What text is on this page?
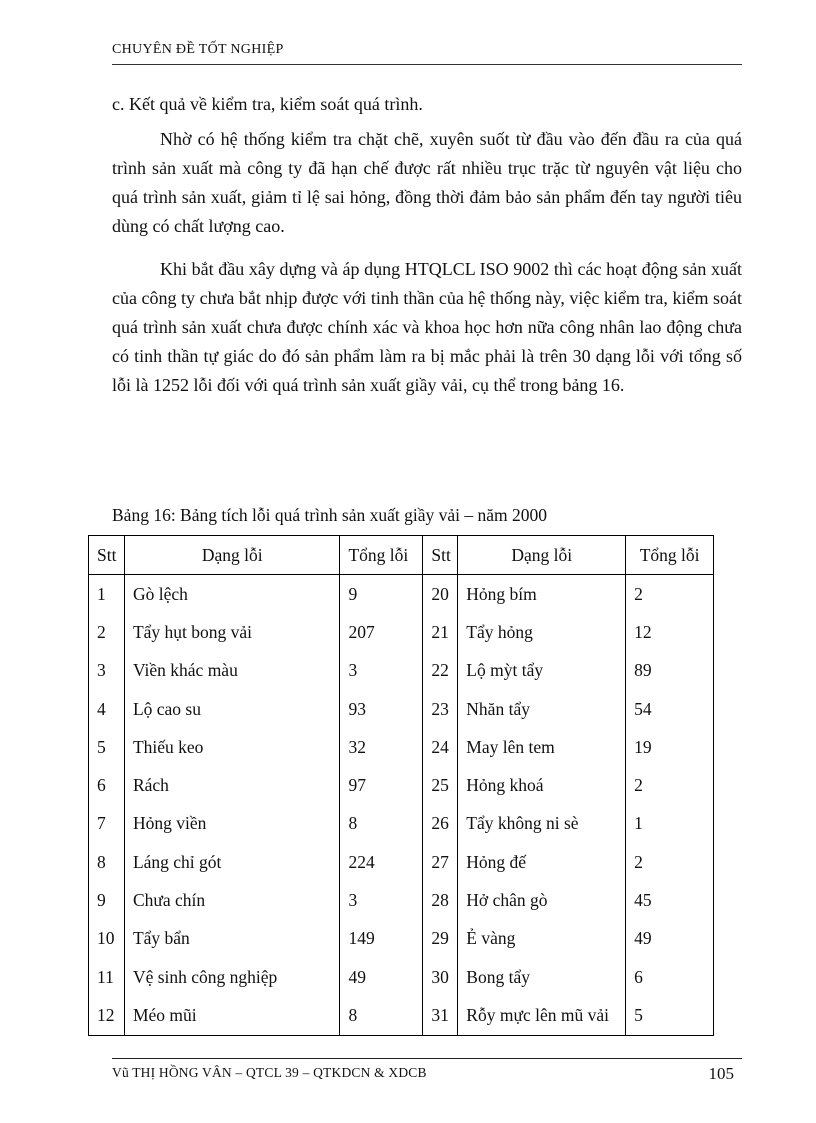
CHUYÊN ĐỀ TỐT NGHIỆP
c. Kết quả về kiểm tra, kiểm soát quá trình.

Nhờ có hệ thống kiểm tra chặt chẽ, xuyên suốt từ đầu vào đến đầu ra của quá trình sản xuất mà công ty đã hạn chế được rất nhiều trục trặc từ nguyên vật liệu cho quá trình sản xuất, giảm tỉ lệ sai hỏng, đồng thời đảm bảo sản phẩm đến tay người tiêu dùng có chất lượng cao.

Khi bắt đầu xây dựng và áp dụng HTQLCL ISO 9002 thì các hoạt động sản xuất của công ty chưa bắt nhịp được với tinh thần của hệ thống này, việc kiểm tra, kiểm soát quá trình sản xuất chưa được chính xác và khoa học hơn nữa công nhân lao động chưa có tinh thần tự giác do đó sản phẩm làm ra bị mắc phải là trên 30 dạng lỗi với tổng số lỗi là 1252 lỗi đối với quá trình sản xuất giầy vải, cụ thể trong bảng 16.

Bảng 16: Bảng tích lỗi quá trình sản xuất giầy vải – năm 2000
Stt	Dạng lỗi	Tổng lỗi	Stt	Dạng lỗi	Tổng lỗi
1	Gò lệch	9	20	Hỏng bím	2
2	Tẩy hụt bong vải	207	21	Tẩy hỏng	12
3	Viền khác màu	3	22	Lộ mỳt tẩy	89
4	Lộ cao su	93	23	Nhăn tẩy	54
5	Thiếu keo	32	24	May lên tem	19
6	Rách	97	25	Hỏng khoá	2
7	Hỏng viền	8	26	Tẩy không ni sè	1
8	Láng chỉ gót	224	27	Hỏng đế	2
9	Chưa chín	3	28	Hở chân gò	45
10	Tẩy bẩn	149	29	Ẻ vàng	49
11	Vệ sinh công nghiệp	49	30	Bong tẩy	6
12	Méo mũi	8	31	Rỗy mực lên mũ vải	5
Vũ THỊ HỒNG VÂN – QTCL 39 – QTKDCN & XDCB	105
